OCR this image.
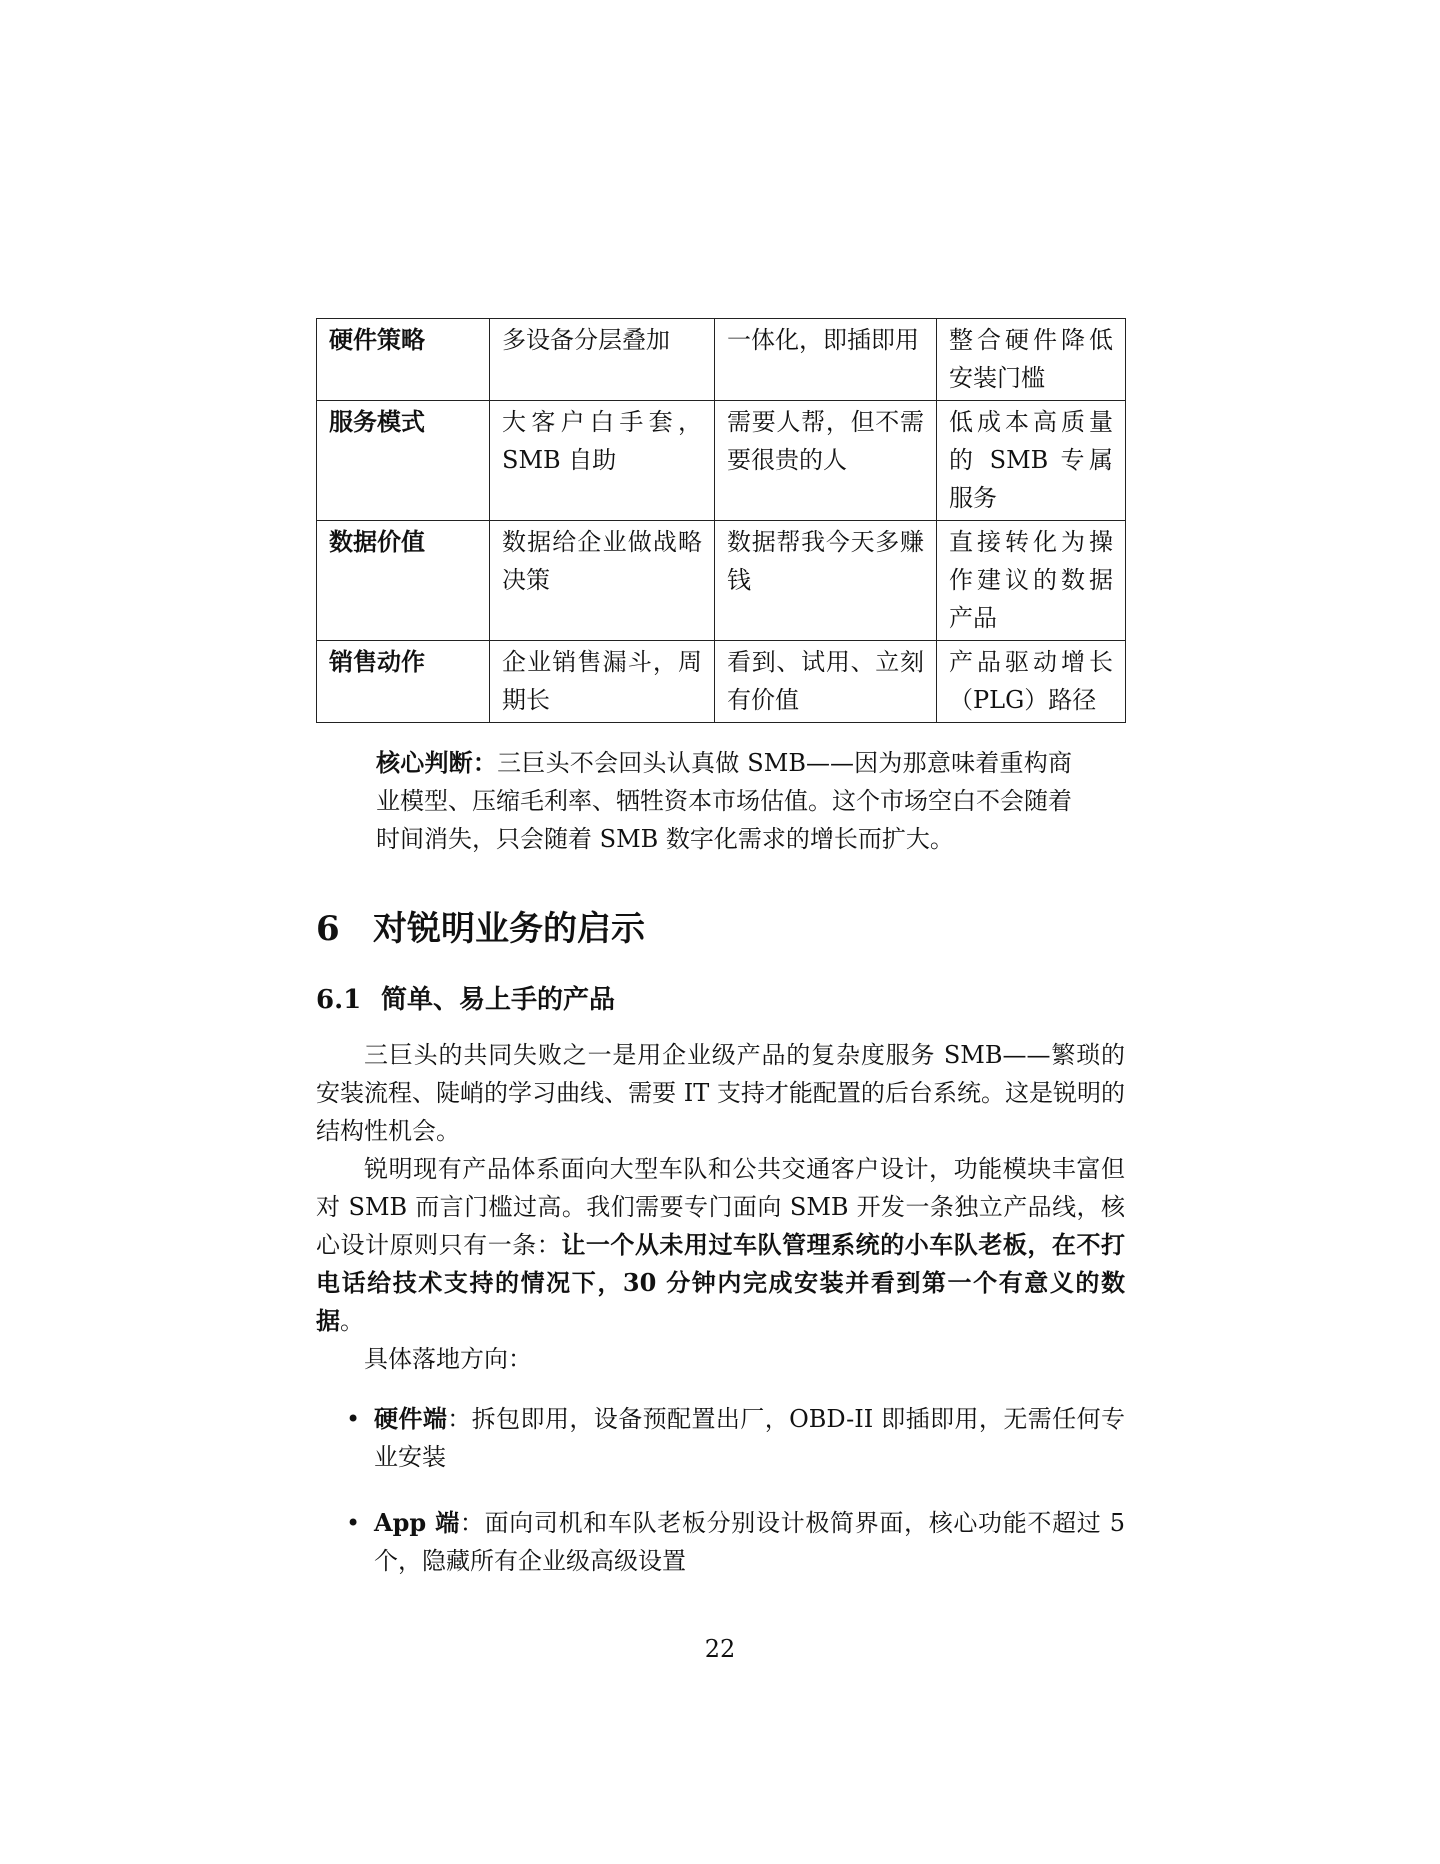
硬件策略	多设备分层叠加	一体化，即插即用	整合硬件降低安装门槛
服务模式	大客户白手套，SMB 自助	需要人帮，但不需要很贵的人	低成本高质量的 SMB 专属服务
数据价值	数据给企业做战略决策	数据帮我今天多赚钱	直接转化为操作建议的数据产品
销售动作	企业销售漏斗，周期长	看到、试用、立刻有价值	产品驱动增长（PLG）路径
核心判断：三巨头不会回头认真做 SMB——因为那意味着重构商业模型、压缩毛利率、牺牲资本市场估值。这个市场空白不会随着时间消失，只会随着 SMB 数字化需求的增长而扩大。
6 对锐明业务的启示
6.1 简单、易上手的产品

三巨头的共同失败之一是用企业级产品的复杂度服务 SMB——繁琐的安装流程、陡峭的学习曲线、需要 IT 支持才能配置的后台系统。这是锐明的结构性机会。

锐明现有产品体系面向大型车队和公共交通客户设计，功能模块丰富但对 SMB 而言门槛过高。我们需要专门面向 SMB 开发一条独立产品线，核心设计原则只有一条：让一个从未用过车队管理系统的小车队老板，在不打电话给技术支持的情况下，30 分钟内完成安装并看到第一个有意义的数据。

具体落地方向：

• 硬件端：拆包即用，设备预配置出厂，OBD-II 即插即用，无需任何专业安装
• App 端：面向司机和车队老板分别设计极简界面，核心功能不超过 5 个，隐藏所有企业级高级设置
22
